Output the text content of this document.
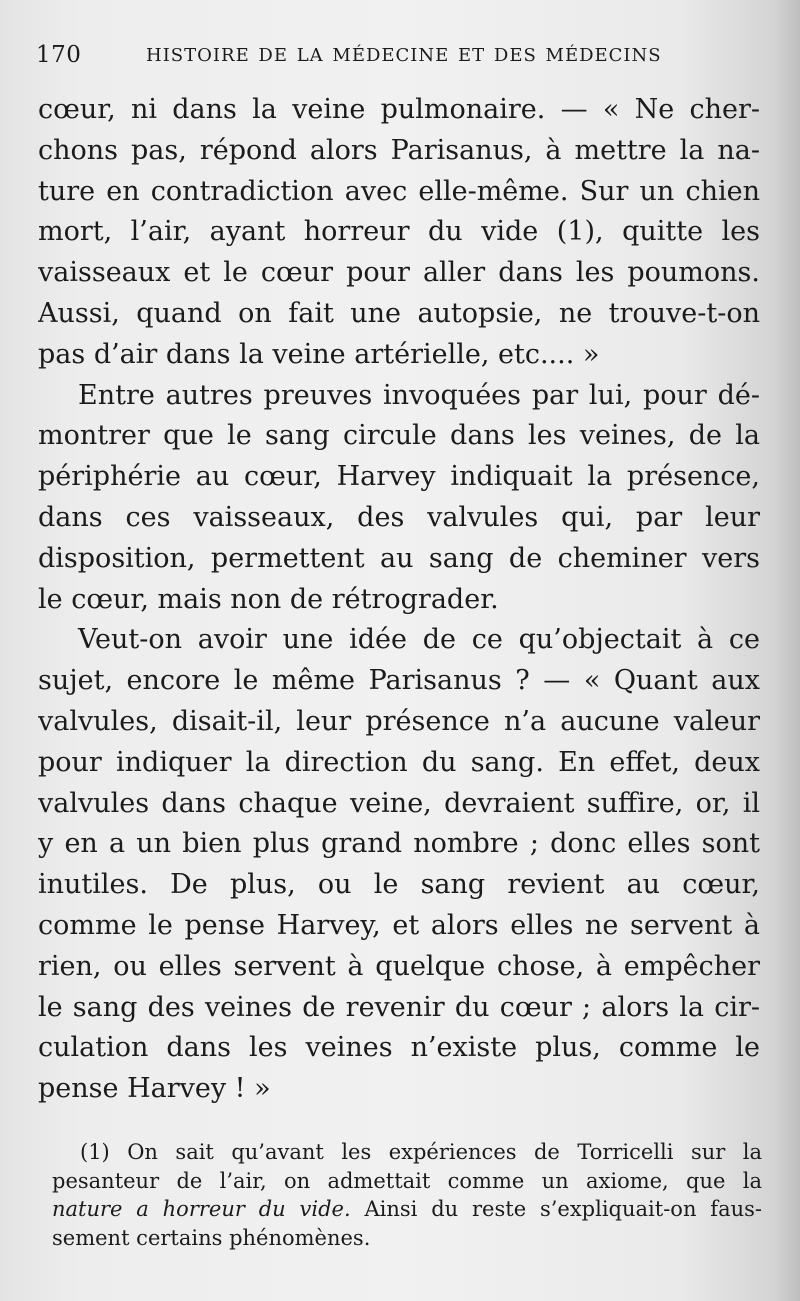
170	HISTOIRE DE LA MÉDECINE ET DES MÉDECINS
cœur, ni dans la veine pulmonaire. — « Ne cher-
chons pas, répond alors Parisanus, à mettre la na-
ture en contradiction avec elle-même. Sur un chien
mort, l’air, ayant horreur du vide (1), quitte les
vaisseaux et le cœur pour aller dans les poumons.
Aussi, quand on fait une autopsie, ne trouve-t-on
pas d’air dans la veine artérielle, etc.... »
Entre autres preuves invoquées par lui, pour dé-
montrer que le sang circule dans les veines, de la
périphérie au cœur, Harvey indiquait la présence,
dans ces vaisseaux, des valvules qui, par leur
disposition, permettent au sang de cheminer vers
le cœur, mais non de rétrograder.
Veut-on avoir une idée de ce qu’objectait à ce
sujet, encore le même Parisanus ? — « Quant aux
valvules, disait-il, leur présence n’a aucune valeur
pour indiquer la direction du sang. En effet, deux
valvules dans chaque veine, devraient suffire, or, il
y en a un bien plus grand nombre ; donc elles sont
inutiles. De plus, ou le sang revient au cœur,
comme le pense Harvey, et alors elles ne servent à
rien, ou elles servent à quelque chose, à empêcher
le sang des veines de revenir du cœur ; alors la cir-
culation dans les veines n’existe plus, comme le
pense Harvey ! »
(1) On sait qu’avant les expériences de Torricelli sur la
pesanteur de l’air, on admettait comme un axiome, que la
nature a horreur du vide. Ainsi du reste s’expliquait-on faus-
sement certains phénomènes.
